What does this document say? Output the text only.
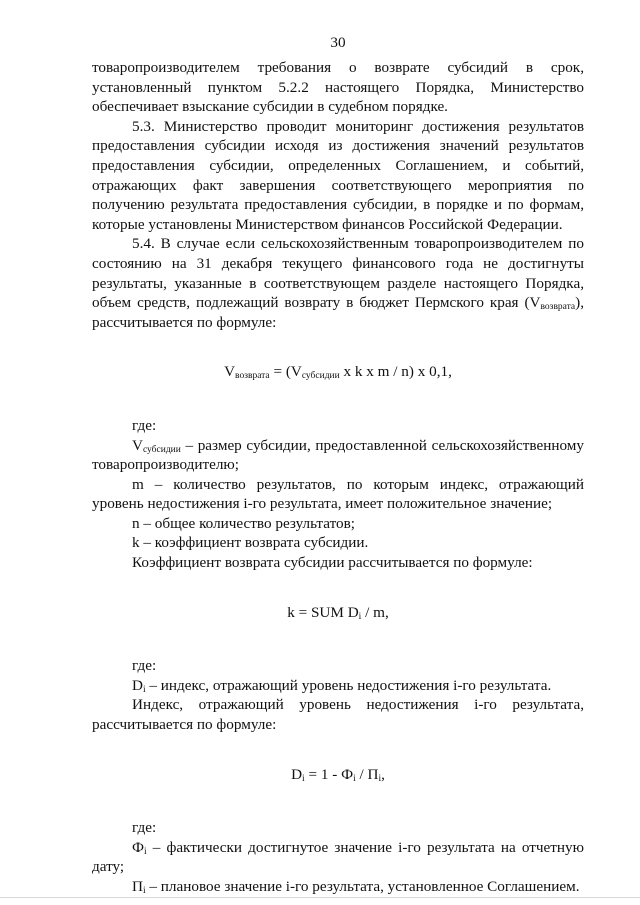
30

товаропроизводителем требования о возврате субсидий в срок, установленный пунктом 5.2.2 настоящего Порядка, Министерство обеспечивает взыскание субсидии в судебном порядке.

5.3. Министерство проводит мониторинг достижения результатов предоставления субсидии исходя из достижения значений результатов предоставления субсидии, определенных Соглашением, и событий, отражающих факт завершения соответствующего мероприятия по получению результата предоставления субсидии, в порядке и по формам, которые установлены Министерством финансов Российской Федерации.

5.4. В случае если сельскохозяйственным товаропроизводителем по состоянию на 31 декабря текущего финансового года не достигнуты результаты, указанные в соответствующем разделе настоящего Порядка, объем средств, подлежащий возврату в бюджет Пермского края $(V_{возврата})$, рассчитывается по формуле:

$V_{возврата} = (V_{субсидии}$ x k x m / n) x 0,1,

где:

$V_{субсидии}$ – размер субсидии, предоставленной сельскохозяйственному товаропроизводителю;

m – количество результатов, по которым индекс, отражающий уровень недостижения i-го результата, имеет положительное значение;

n – общее количество результатов;

k – коэффициент возврата субсидии.

Коэффициент возврата субсидии рассчитывается по формуле:

k = SUM $D_i$ / m,

где:

$D_i$ – индекс, отражающий уровень недостижения i-го результата.

Индекс, отражающий уровень недостижения i-го результата, рассчитывается по формуле:

$D_i = 1 - Ф_i / П_i$,

где:

$Ф_i$ – фактически достигнутое значение i-го результата на отчетную дату;

$П_i$ – плановое значение i-го результата, установленное Соглашением.
